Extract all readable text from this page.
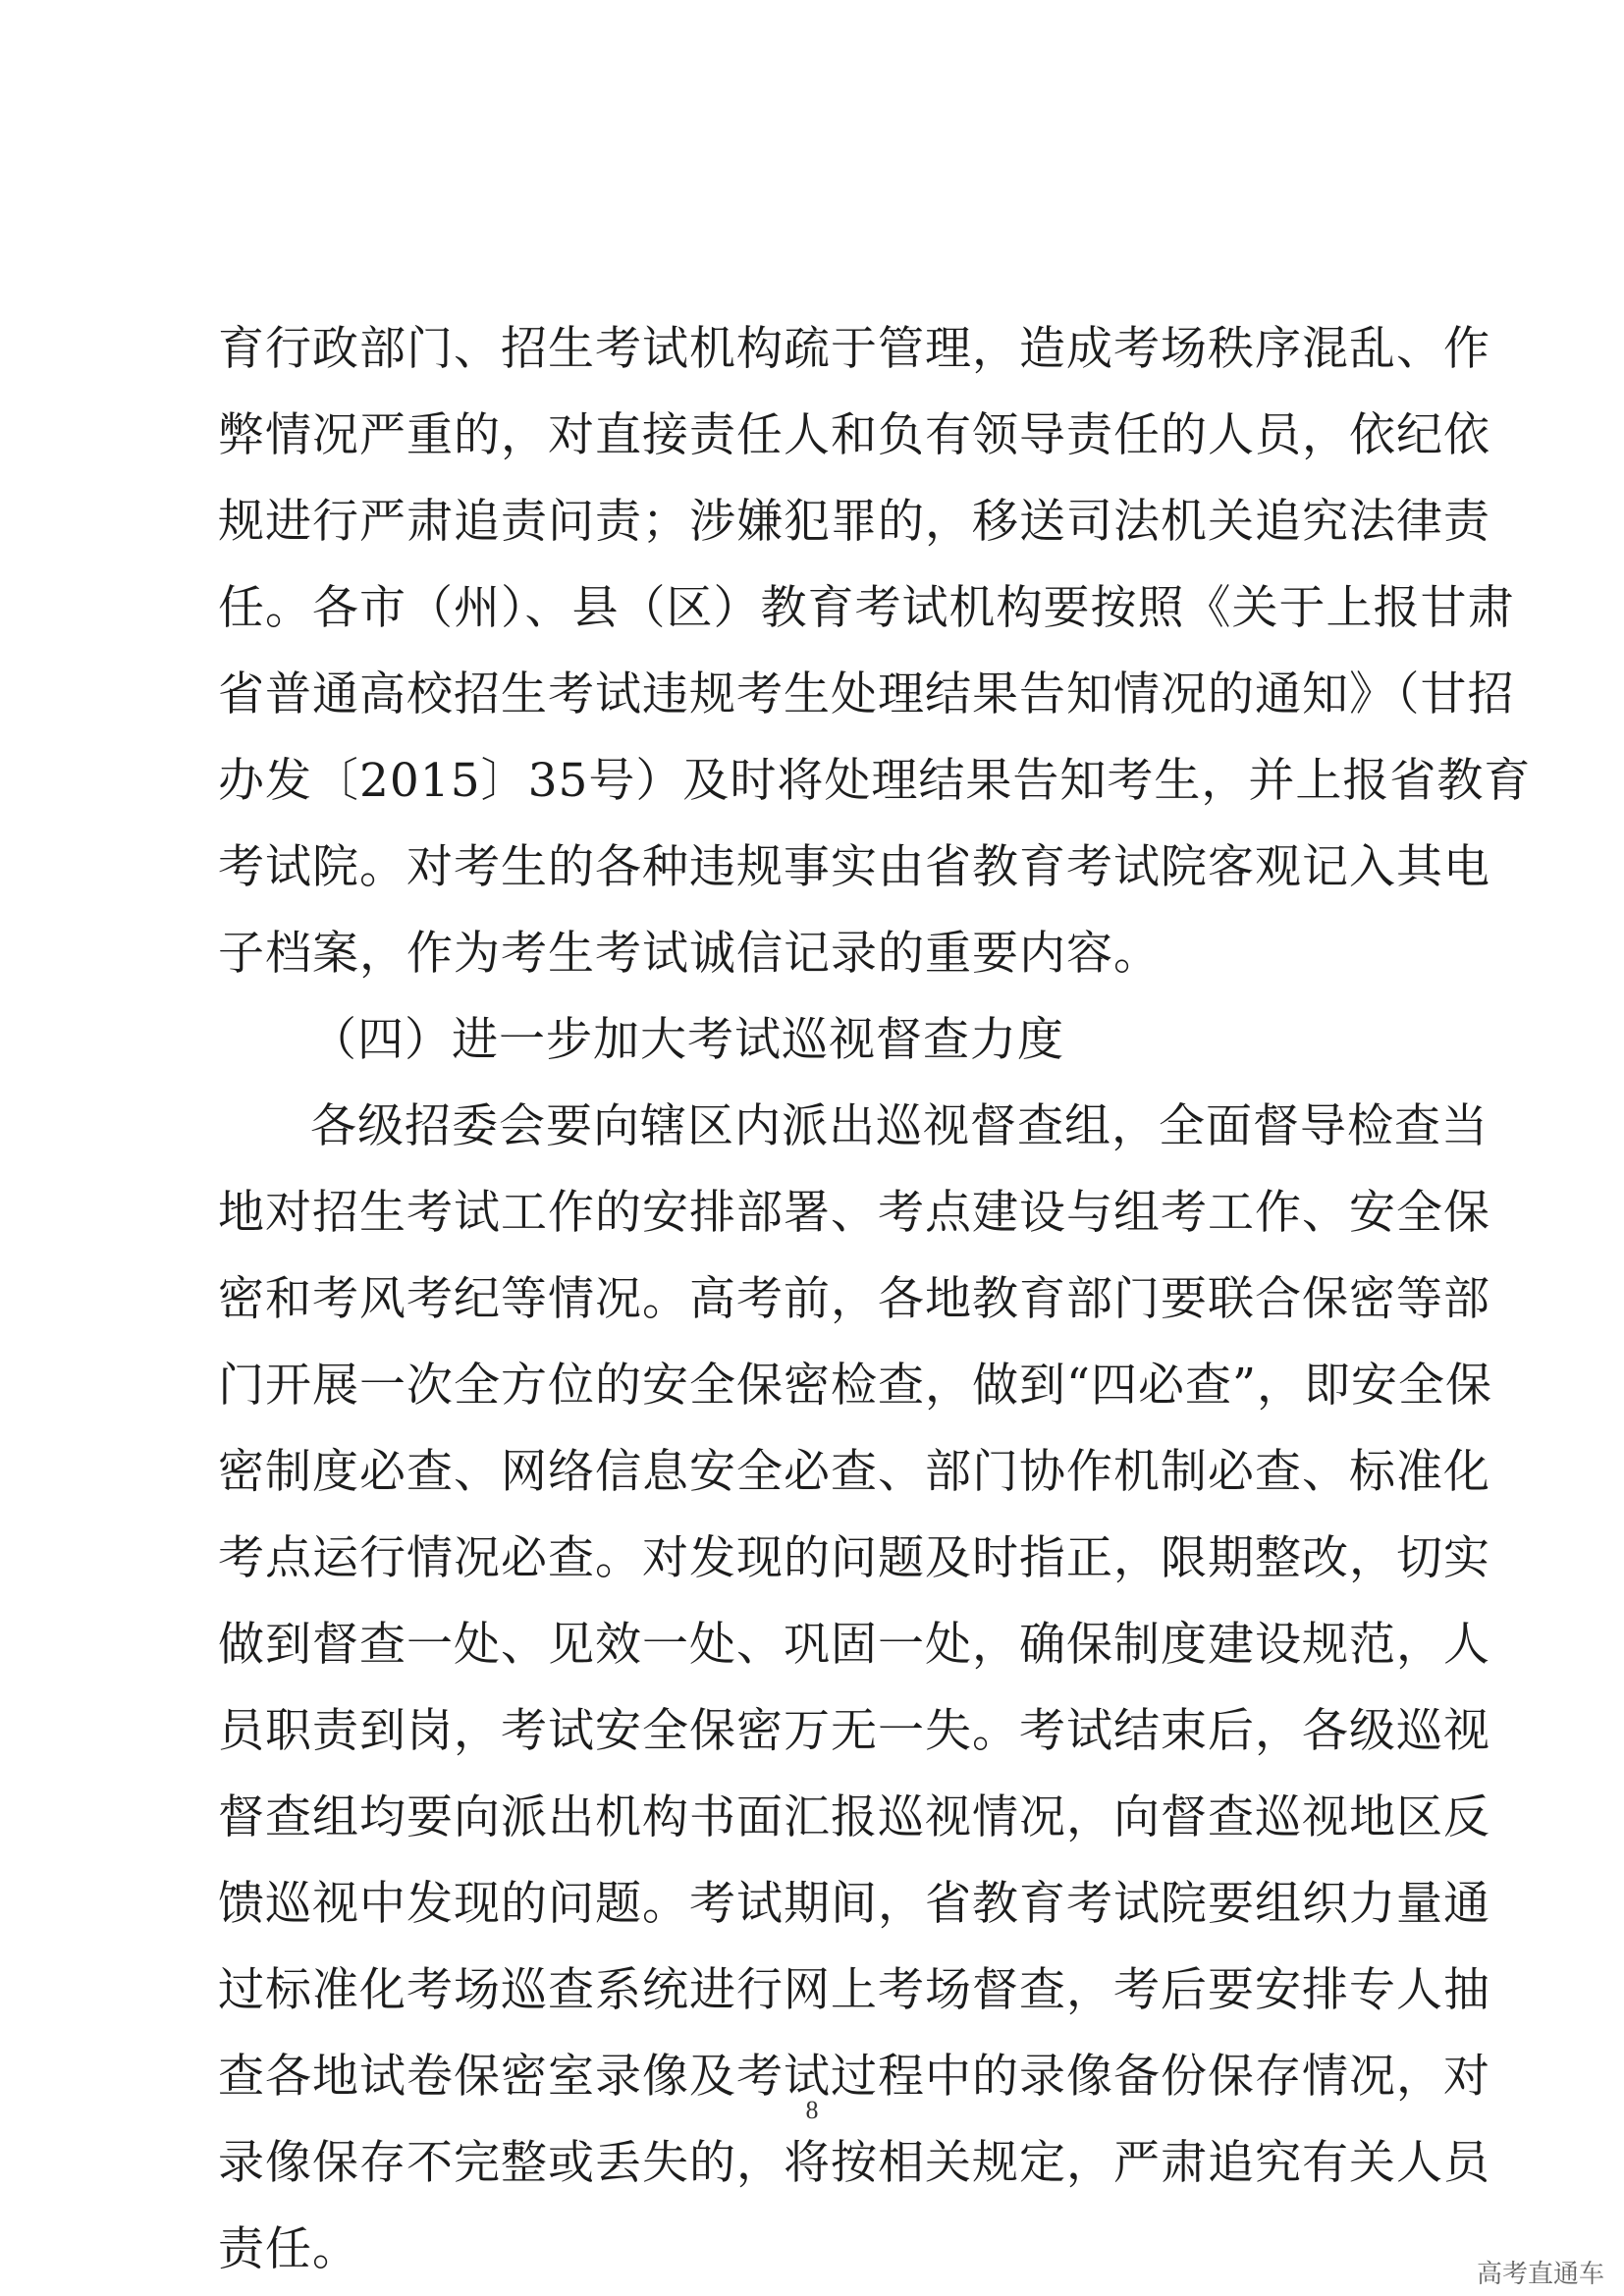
育行政部门、招生考试机构疏于管理，造成考场秩序混乱、作
弊情况严重的，对直接责任人和负有领导责任的人员，依纪依
规进行严肃追责问责；涉嫌犯罪的，移送司法机关追究法律责
任。各市（州）、县（区）教育考试机构要按照《关于上报甘肃
省普通高校招生考试违规考生处理结果告知情况的通知》（甘招
办发〔2015〕35号）及时将处理结果告知考生，并上报省教育
考试院。对考生的各种违规事实由省教育考试院客观记入其电
子档案，作为考生考试诚信记录的重要内容。
（四）进一步加大考试巡视督查力度
各级招委会要向辖区内派出巡视督查组，全面督导检查当
地对招生考试工作的安排部署、考点建设与组考工作、安全保
密和考风考纪等情况。高考前，各地教育部门要联合保密等部
门开展一次全方位的安全保密检查，做到“四必查”，即安全保
密制度必查、网络信息安全必查、部门协作机制必查、标准化
考点运行情况必查。对发现的问题及时指正，限期整改，切实
做到督查一处、见效一处、巩固一处，确保制度建设规范，人
员职责到岗，考试安全保密万无一失。考试结束后，各级巡视
督查组均要向派出机构书面汇报巡视情况，向督查巡视地区反
馈巡视中发现的问题。考试期间，省教育考试院要组织力量通
过标准化考场巡查系统进行网上考场督查，考后要安排专人抽
查各地试卷保密室录像及考试过程中的录像备份保存情况，对
录像保存不完整或丢失的，将按相关规定，严肃追究有关人员
责任。
8
高考直通车
